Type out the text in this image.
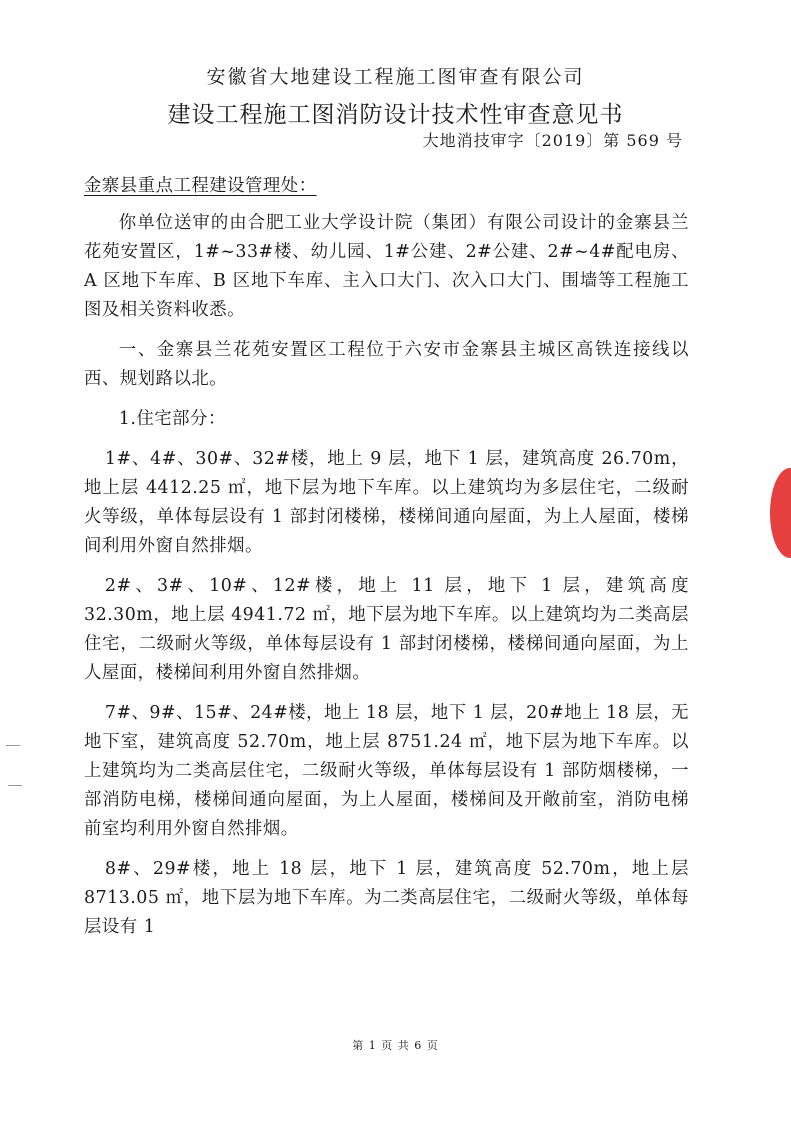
安徽省大地建设工程施工图审查有限公司
建设工程施工图消防设计技术性审查意见书
大地消技审字〔2019〕第 569 号
金寨县重点工程建设管理处：

你单位送审的由合肥工业大学设计院（集团）有限公司设计的金寨县兰花苑安置区，1#~33#楼、幼儿园、1#公建、2#公建、2#~4#配电房、A 区地下车库、B 区地下车库、主入口大门、次入口大门、围墙等工程施工图及相关资料收悉。

一、金寨县兰花苑安置区工程位于六安市金寨县主城区高铁连接线以西、规划路以北。

1.住宅部分：

1#、4#、30#、32#楼，地上 9 层，地下 1 层，建筑高度 26.70m，地上层 4412.25 ㎡，地下层为地下车库。以上建筑均为多层住宅，二级耐火等级，单体每层设有 1 部封闭楼梯，楼梯间通向屋面，为上人屋面，楼梯间利用外窗自然排烟。

2#、3#、10#、12#楼，地上 11 层，地下 1 层，建筑高度 32.30m，地上层 4941.72 ㎡，地下层为地下车库。以上建筑均为二类高层住宅，二级耐火等级，单体每层设有 1 部封闭楼梯，楼梯间通向屋面，为上人屋面，楼梯间利用外窗自然排烟。

7#、9#、15#、24#楼，地上 18 层，地下 1 层，20#地上 18 层，无地下室，建筑高度 52.70m，地上层 8751.24 ㎡，地下层为地下车库。以上建筑均为二类高层住宅，二级耐火等级，单体每层设有 1 部防烟楼梯，一部消防电梯，楼梯间通向屋面，为上人屋面，楼梯间及开敞前室，消防电梯前室均利用外窗自然排烟。

8#、29#楼，地上 18 层，地下 1 层，建筑高度 52.70m，地上层 8713.05 ㎡，地下层为地下车库。为二类高层住宅，二级耐火等级，单体每层设有 1

第 1 页 共 6 页
